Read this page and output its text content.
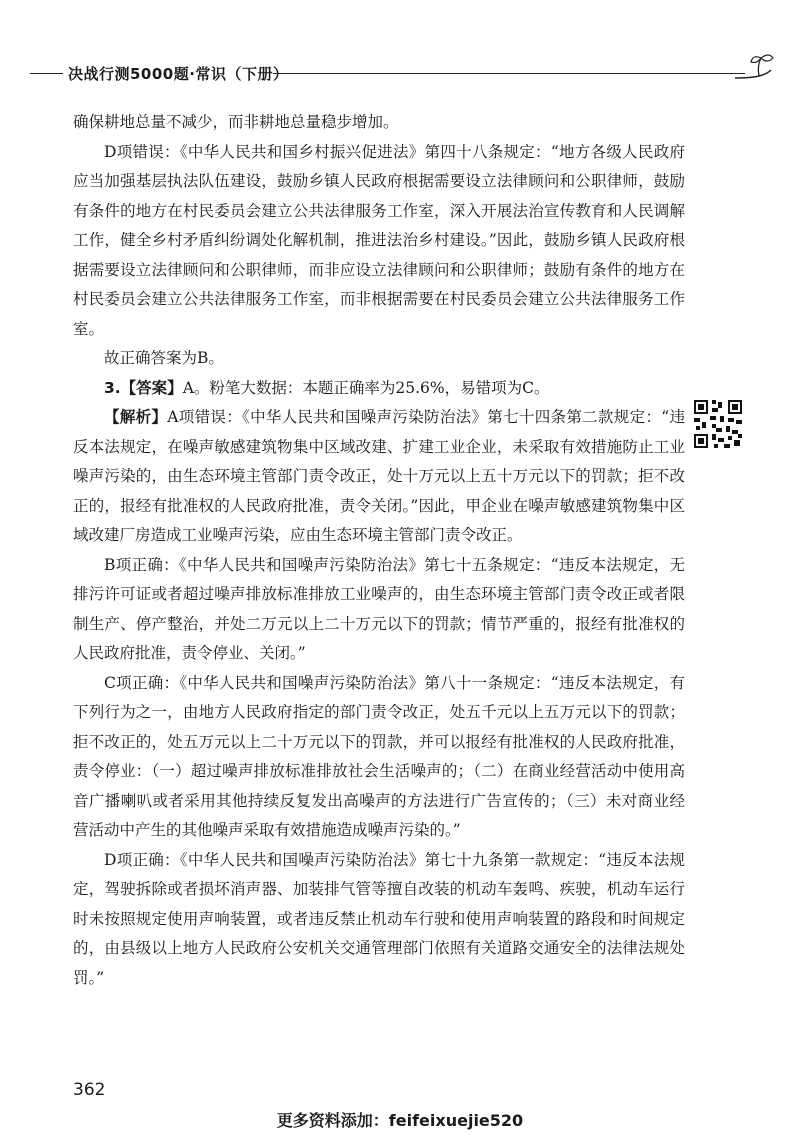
决战行测5000题·常识（下册）

确保耕地总量不减少，而非耕地总量稳步增加。

D项错误：《中华人民共和国乡村振兴促进法》第四十八条规定：“地方各级人民政府应当加强基层执法队伍建设，鼓励乡镇人民政府根据需要设立法律顾问和公职律师，鼓励有条件的地方在村民委员会建立公共法律服务工作室，深入开展法治宣传教育和人民调解工作，健全乡村矛盾纠纷调处化解机制，推进法治乡村建设。”因此，鼓励乡镇人民政府根据需要设立法律顾问和公职律师，而非应设立法律顾问和公职律师；鼓励有条件的地方在村民委员会建立公共法律服务工作室，而非根据需要在村民委员会建立公共法律服务工作室。

故正确答案为B。

3.【答案】A。粉笔大数据：本题正确率为25.6%，易错项为C。

【解析】A项错误：《中华人民共和国噪声污染防治法》第七十四条第二款规定：“违反本法规定，在噪声敏感建筑物集中区域改建、扩建工业企业，未采取有效措施防止工业噪声污染的，由生态环境主管部门责令改正，处十万元以上五十万元以下的罚款；拒不改正的，报经有批准权的人民政府批准，责令关闭。”因此，甲企业在噪声敏感建筑物集中区域改建厂房造成工业噪声污染，应由生态环境主管部门责令改正。

B项正确：《中华人民共和国噪声污染防治法》第七十五条规定：“违反本法规定，无排污许可证或者超过噪声排放标准排放工业噪声的，由生态环境主管部门责令改正或者限制生产、停产整治，并处二万元以上二十万元以下的罚款；情节严重的，报经有批准权的人民政府批准，责令停业、关闭。”

C项正确：《中华人民共和国噪声污染防治法》第八十一条规定：“违反本法规定，有下列行为之一，由地方人民政府指定的部门责令改正，处五千元以上五万元以下的罚款；拒不改正的，处五万元以上二十万元以下的罚款，并可以报经有批准权的人民政府批准，责令停业：（一）超过噪声排放标准排放社会生活噪声的；（二）在商业经营活动中使用高音广播喇叭或者采用其他持续反复发出高噪声的方法进行广告宣传的；（三）未对商业经营活动中产生的其他噪声采取有效措施造成噪声污染的。”

D项正确：《中华人民共和国噪声污染防治法》第七十九条第一款规定：“违反本法规定，驾驶拆除或者损坏消声器、加装排气管等擅自改装的机动车轰鸣、疾驶，机动车运行时未按照规定使用声响装置，或者违反禁止机动车行驶和使用声响装置的路段和时间规定的，由县级以上地方人民政府公安机关交通管理部门依照有关道路交通安全的法律法规处罚。”

362
更多资料添加：feifeixuejie520
